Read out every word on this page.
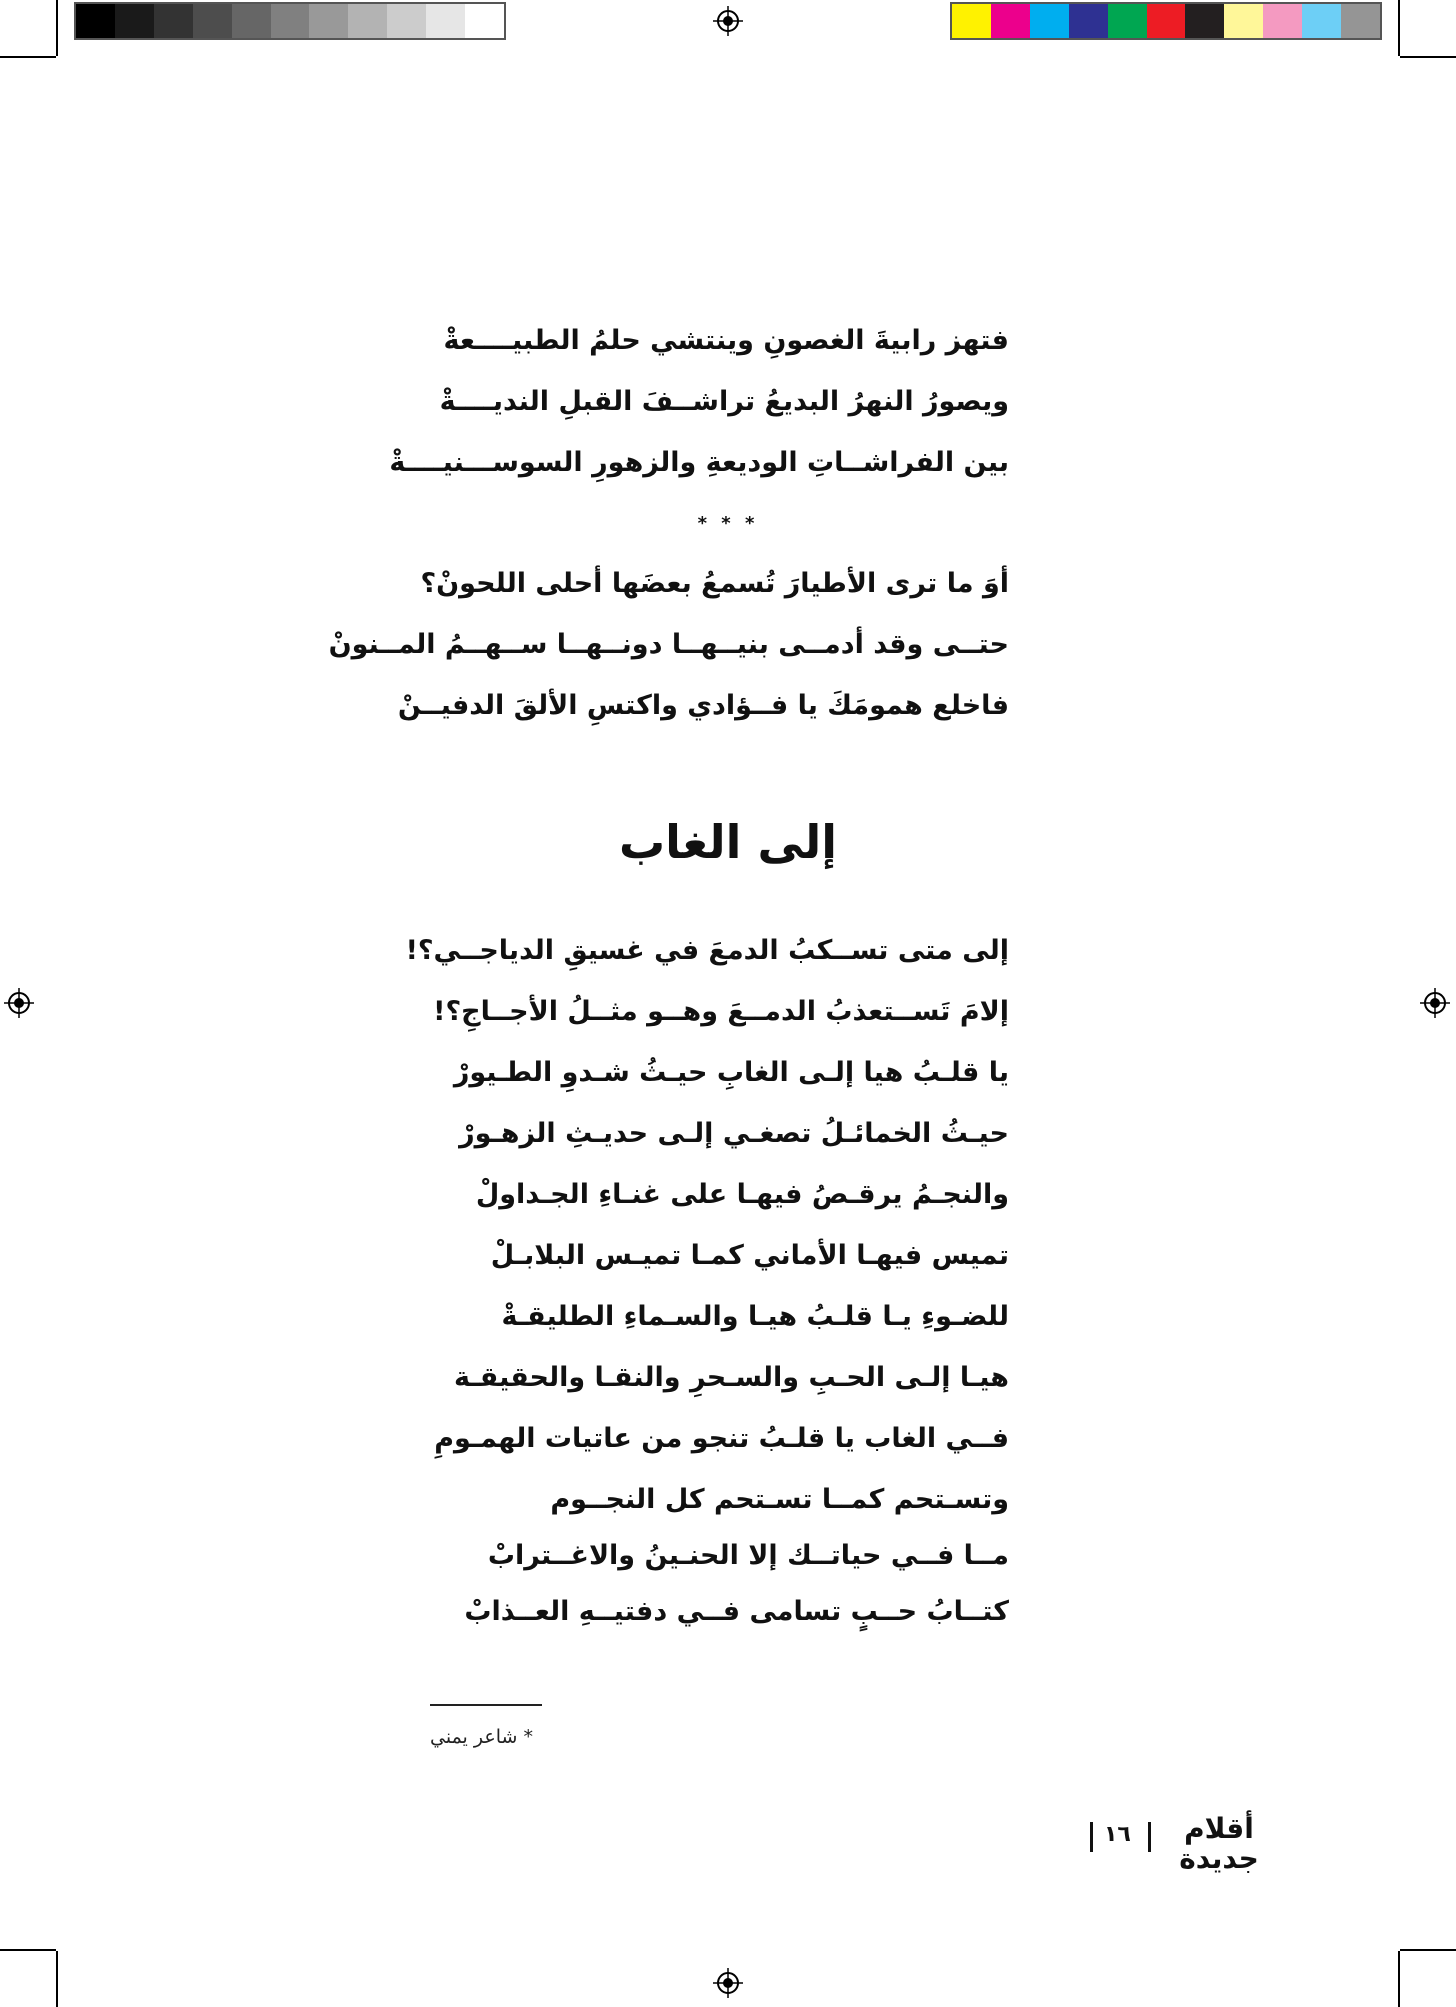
فتهز رابيةَ الغصونِ وينتشي حلمُ الطبيــــعةْ
ويصورُ النهرُ البديعُ تراشــفَ القبلِ النديــــةْ
بين الفراشــاتِ الوديعةِ والزهورِ السوســـنيــــةْ
أوَ ما ترى الأطيارَ تُسمعُ بعضَها أحلى اللحونْ؟
حتــى وقد أدمــى بنيــهــا دونــهــا ســهــمُ المــنونْ
فاخلع همومَكَ يا فــؤادي واكتسِ الألقَ الدفيــنْ
إلى متى تســكبُ الدمعَ في غسيقِ الدياجــي؟!
إلامَ تَســتعذبُ الدمــعَ وهــو مثــلُ الأجــاجِ؟!
يا قلـبُ هيا إلـى الغابِ حيـثُ شـدوِ الطـيورْ
حيـثُ الخمائـلُ تصغـي إلـى حديـثِ الزهـورْ
والنجـمُ يرقـصُ فيهـا على غنـاءِ الجـداولْ
تميس فيهـا الأماني كمـا تميـس البلابـلْ
للضـوءِ يـا قلـبُ هيـا والسـماءِ الطليقـةْ
هيـا إلـى الحـبِ والسـحرِ والنقـا والحقيقـة
فــي الغاب يا قلـبُ تنجو من عاتيات الهمـومِ
وتسـتحم كمــا تسـتحم كل النجــوم
مــا فــي حياتــك إلا الحنـينُ والاغــترابْ
كتــابُ حــبٍ تسامى فــي دفتيــهِ العــذابْ
* * *
إلى الغاب
* شاعر يمني
١٦	أقلام
جديدة
